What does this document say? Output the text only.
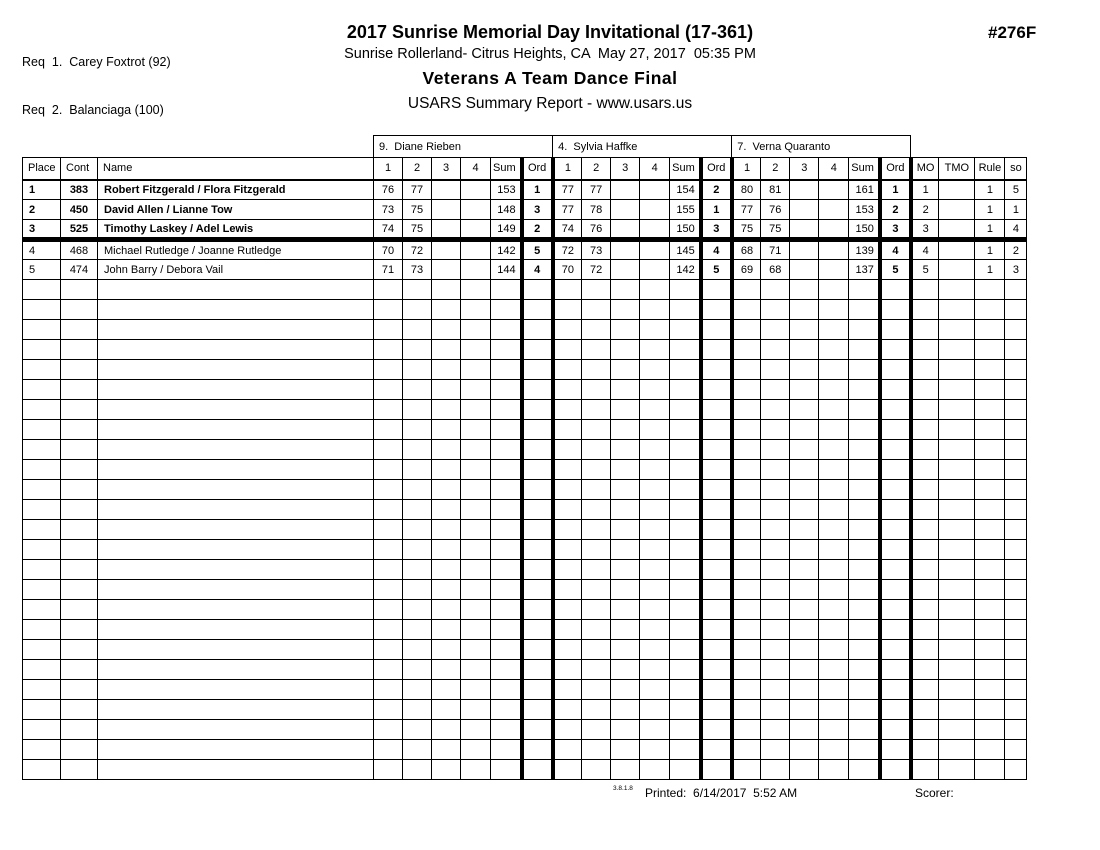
Req  1.  Carey Foxtrot (92)

Req  2.  Balanciaga (100)

2017 Sunrise Memorial Day Invitational (17-361)
Sunrise Rollerland- Citrus Heights, CA  May 27, 2017  05:35 PM
Veterans A Team Dance Final
USARS Summary Report - www.usars.us
#276F
			9.  Diane Rieben						4.  Sylvia Haffke						7.  Verna Quaranto									
Place	Cont	Name	1	2	3	4	Sum	Ord	1	2	3	4	Sum	Ord	1	2	3	4	Sum	Ord	MO	TMO	Rule	so
1	383	Robert Fitzgerald / Flora Fitzgerald	76	77			153	1	77	77			154	2	80	81			161	1	1		1	5
2	450	David Allen / Lianne Tow	73	75			148	3	77	78			155	1	77	76			153	2	2		1	1
3	525	Timothy Laskey / Adel Lewis	74	75			149	2	74	76			150	3	75	75			150	3	3		1	4
4	468	Michael Rutledge / Joanne Rutledge	70	72			142	5	72	73			145	4	68	71			139	4	4		1	2
5	474	John Barry / Debora Vail	71	73			144	4	70	72			142	5	69	68			137	5	5		1	3

3.8.1.8 Printed:  6/14/2017  5:52 AM	Scorer:
